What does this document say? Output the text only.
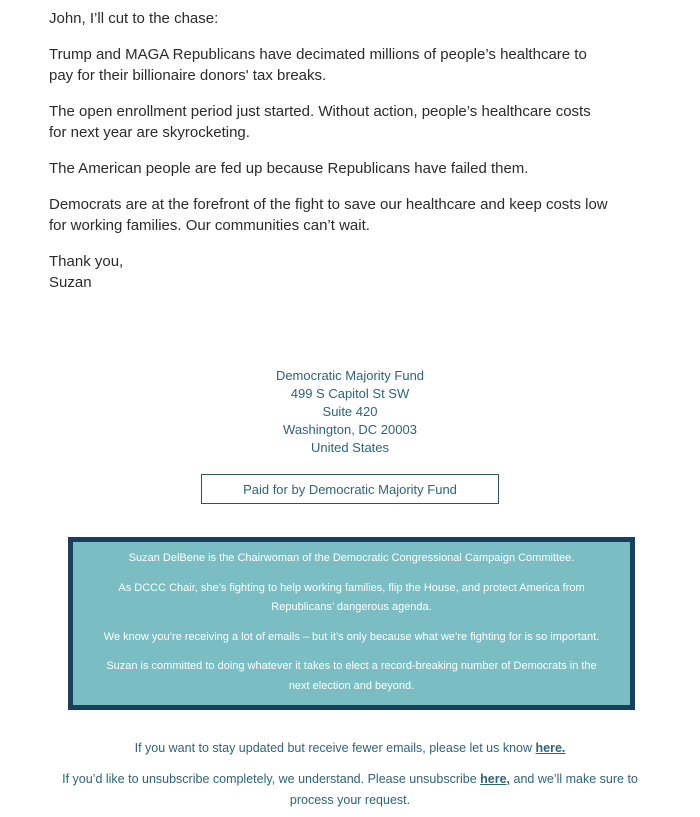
John, I’ll cut to the chase:

Trump and MAGA Republicans have decimated millions of people’s healthcare to
pay for their billionaire donors' tax breaks.

The open enrollment period just started. Without action, people’s healthcare costs
for next year are skyrocketing.

The American people are fed up because Republicans have failed them.

Democrats are at the forefront of the fight to save our healthcare and keep costs low
for working families. Our communities can’t wait.

Thank you,
Suzan

Democratic Majority Fund
499 S Capitol St SW
Suite 420
Washington, DC 20003
United States
Paid for by Democratic Majority Fund

Suzan DelBene is the Chairwoman of the Democratic Congressional Campaign Committee.

As DCCC Chair, she’s fighting to help working families, flip the House, and protect America from
Republicans’ dangerous agenda.

We know you’re receiving a lot of emails – but it’s only because what we’re fighting for is so important.

Suzan is committed to doing whatever it takes to elect a record-breaking number of Democrats in the
next election and beyond.

If you want to stay updated but receive fewer emails, please let us know here.

If you’d like to unsubscribe completely, we understand. Please unsubscribe here, and we’ll make sure to
process your request.
